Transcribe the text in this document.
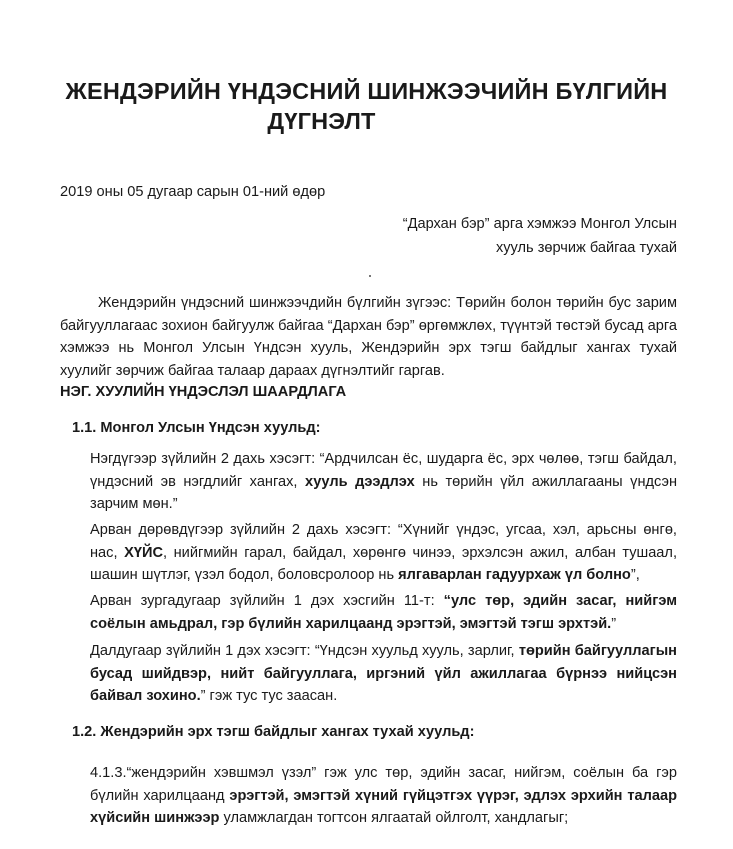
ЖЕНДЭРИЙН ҮНДЭСНИЙ ШИНЖЭЭЧИЙН БҮЛГИЙН
ДҮГНЭЛТ
2019 оны 05 дугаар сарын 01-ний өдөр
“Дархан бэр” арга хэмжээ Монгол Улсын
хууль зөрчиж байгаа тухай
Жендэрийн үндэсний шинжээчдийн бүлгийн зүгээс: Төрийн болон төрийн бус зарим байгууллагаас зохион байгуулж байгаа “Дархан бэр” өргөмжлөх, түүнтэй төстэй бусад арга хэмжээ нь Монгол Улсын Үндсэн хууль, Жендэрийн эрх тэгш байдлыг хангах тухай хуулийг зөрчиж байгаа талаар дараах дүгнэлтийг гаргав.
НЭГ. ХУУЛИЙН ҮНДЭСЛЭЛ ШААРДЛАГА
1.1. Монгол Улсын Үндсэн хуульд:
Нэгдүгээр зүйлийн 2 дахь хэсэгт: “Ардчилсан ёс, шударга ёс, эрх чөлөө, тэгш байдал, үндэсний эв нэгдлийг хангах, хууль дээдлэх нь төрийн үйл ажиллагааны үндсэн зарчим мөн.”
Арван дөрөвдүгээр зүйлийн 2 дахь хэсэгт: “Хүнийг үндэс, угсаа, хэл, арьсны өнгө, нас, ХҮЙС, нийгмийн гарал, байдал, хөрөнгө чинээ, эрхэлсэн ажил, албан тушаал, шашин шүтлэг, үзэл бодол, боловсролоор нь ялгаварлан гадуурхаж үл болно”,
Арван зургадугаар зүйлийн 1 дэх хэсгийн 11-т: “улс төр, эдийн засаг, нийгэм соёлын амьдрал, гэр бүлийн харилцаанд эрэгтэй, эмэгтэй тэгш эрхтэй.”
Далдугаар зүйлийн 1 дэх хэсэгт: “Үндсэн хуульд хууль, зарлиг, төрийн байгууллагын бусад шийдвэр, нийт байгууллага, иргэний үйл ажиллагаа бүрнээ нийцсэн байвал зохино.” гэж тус тус заасан.
1.2. Жендэрийн эрх тэгш байдлыг хангах тухай хуульд:
4.1.3.“жендэрийн хэвшмэл үзэл” гэж улс төр, эдийн засаг, нийгэм, соёлын ба гэр бүлийн харилцаанд эрэгтэй, эмэгтэй хүний гүйцэтгэх үүрэг, эдлэх эрхийн талаар хүйсийн шинжээр уламжлагдан тогтсон ялгаатай ойлголт, хандлагыг;
